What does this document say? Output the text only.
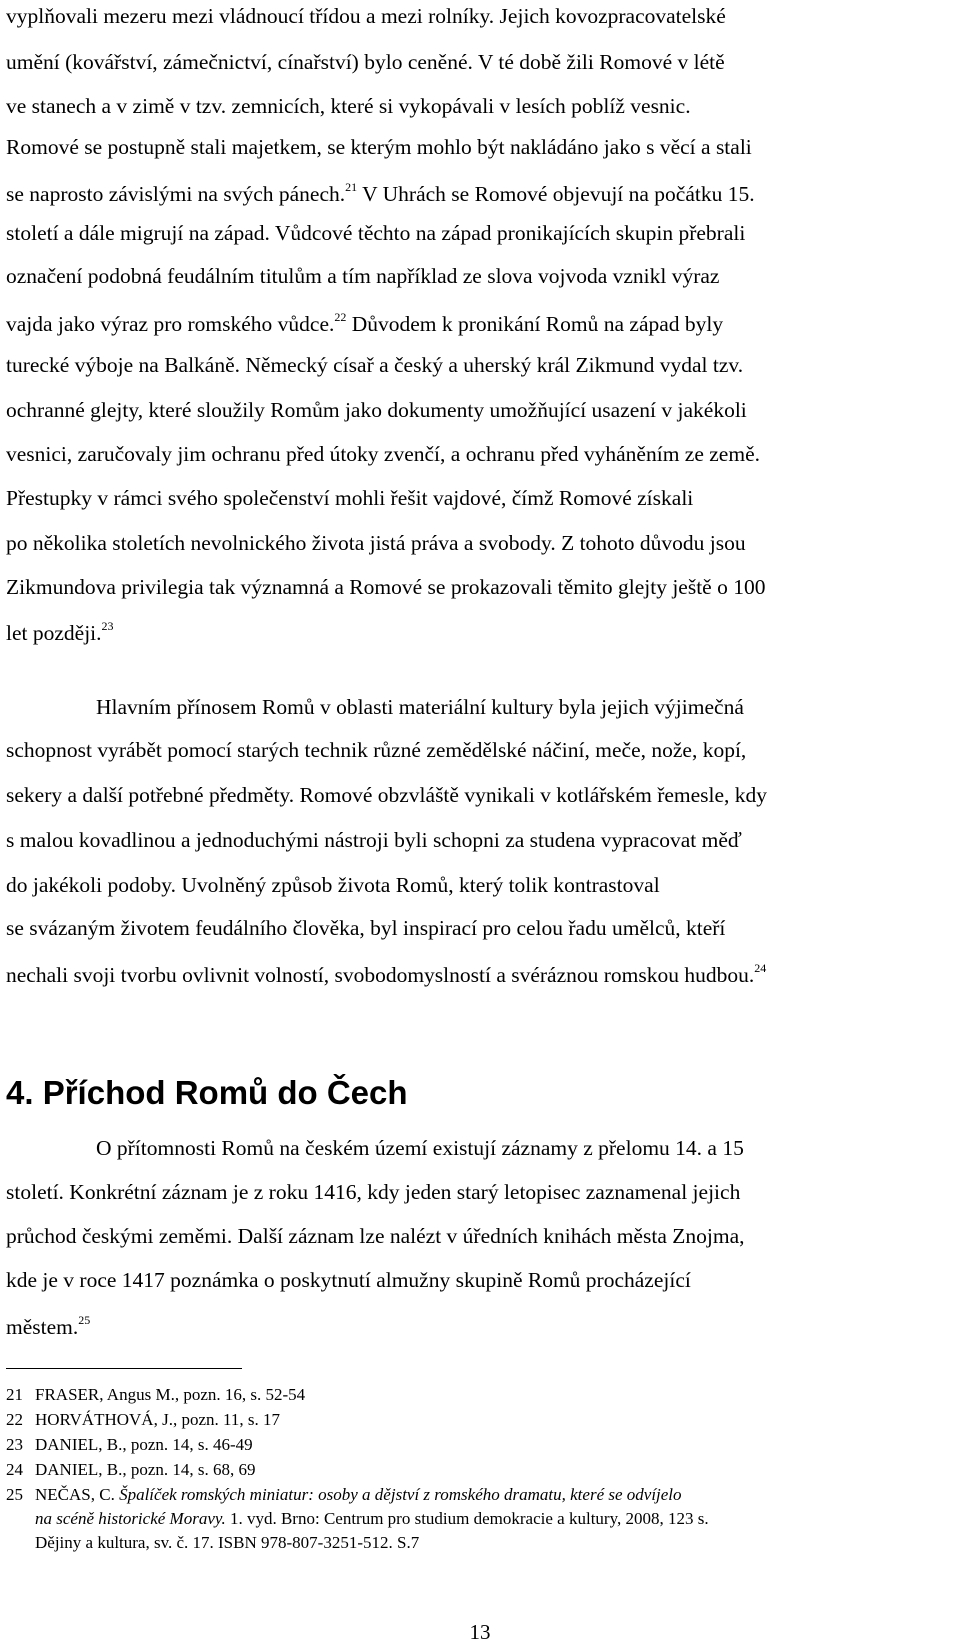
vyplňovali mezeru mezi vládnoucí třídou a mezi rolníky. Jejich kovozpracovatelské
umění (kovářství, zámečnictví, cínařství) bylo ceněné. V té době žili Romové v létě
ve stanech a v zimě v tzv. zemnicích, které si vykopávali v lesích poblíž vesnic.
Romové se postupně stali majetkem, se kterým mohlo být nakládáno jako s věcí a stali
se naprosto závislými na svých pánech.$^{21}$ V Uhrách se Romové objevují na počátku 15.
století a dále migrují na západ. Vůdcové těchto na západ pronikajících skupin přebrali
označení podobná feudálním titulům a tím například ze slova vojvoda vznikl výraz
vajda jako výraz pro romského vůdce.$^{22}$ Důvodem k pronikání Romů na západ byly
turecké výboje na Balkáně. Německý císař a český a uherský král Zikmund vydal tzv.
ochranné glejty, které sloužily Romům jako dokumenty umožňující usazení v jakékoli
vesnici, zaručovaly jim ochranu před útoky zvenčí, a ochranu před vyháněním ze země.
Přestupky v rámci svého společenství mohli řešit vajdové, čímž Romové získali
po několika stoletích nevolnického života jistá práva a svobody. Z tohoto důvodu jsou
Zikmundova privilegia tak významná a Romové se prokazovali těmito glejty ještě o 100
let později.$^{23}$
Hlavním přínosem Romů v oblasti materiální kultury byla jejich výjimečná
schopnost vyrábět pomocí starých technik různé zemědělské náčiní, meče, nože, kopí,
sekery a další potřebné předměty. Romové obzvláště vynikali v kotlářském řemesle, kdy
s malou kovadlinou a jednoduchými nástroji byli schopni za studena vypracovat měď
do jakékoli podoby. Uvolněný způsob života Romů, který tolik kontrastoval
se svázaným životem feudálního člověka, byl inspirací pro celou řadu umělců, kteří
nechali svoji tvorbu ovlivnit volností, svobodomyslností a svéráznou romskou hudbou.$^{24}$
4. Příchod Romů do Čech
O přítomnosti Romů na českém území existují záznamy z přelomu 14. a 15
století. Konkrétní záznam je z roku 1416, kdy jeden starý letopisec zaznamenal jejich
průchod českými zeměmi. Další záznam lze nalézt v úředních knihách města Znojma,
kde je v roce 1417 poznámka o poskytnutí almužny skupině Romů procházející
městem.$^{25}$
21 FRASER, Angus M., pozn. 16, s. 52-54
22 HORVÁTHOVÁ, J., pozn. 11, s. 17
23 DANIEL, B., pozn. 14, s. 46-49
24 DANIEL, B., pozn. 14, s. 68, 69
25 NEČAS, C. Špalíček romských miniatur: osoby a dějství z romského dramatu, které se odvíjelo
na scéně historické Moravy. 1. vyd. Brno: Centrum pro studium demokracie a kultury, 2008, 123 s.
Dějiny a kultura, sv. č. 17. ISBN 978-807-3251-512. S.7
13
